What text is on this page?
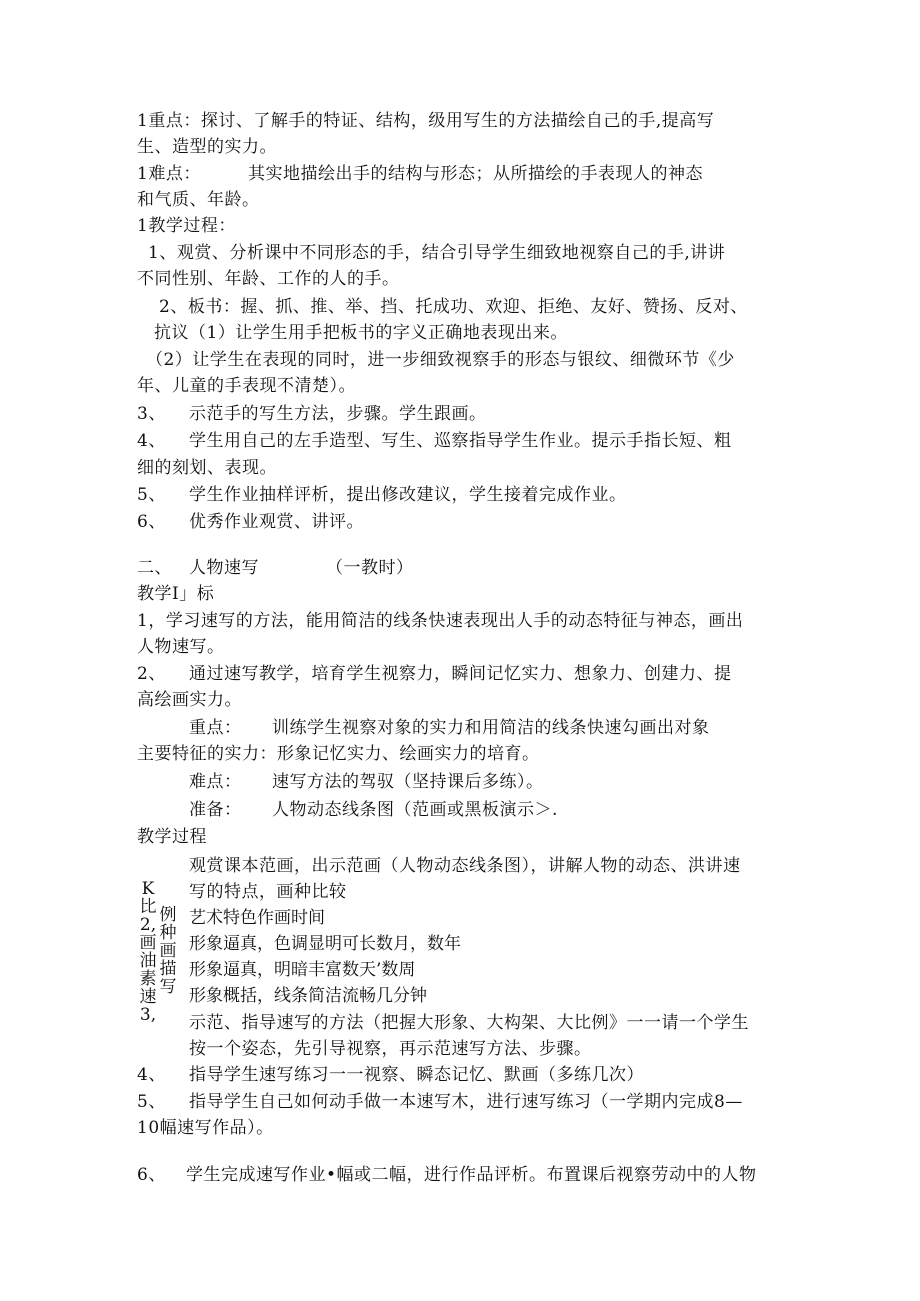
1重点：探讨、了解手的特证、结构，级用写生的方法描绘自己的手,提高写
生、造型的实力。
1难点：	其实地描绘出手的结构与形态；从所描绘的手表现人的神态
和气质、年龄。
1教学过程：
1、观赏、分析课中不同形态的手，结合引导学生细致地视察自己的手,讲讲
不同性别、年龄、工作的人的手。
2、板书：握、抓、推、举、挡、托成功、欢迎、拒绝、友好、赞扬、反对、
抗议（1）让学生用手把板书的字义正确地表现出来。
（2）让学生在表现的同时，进一步细致视察手的形态与银纹、细微环节《少
年、儿童的手表现不清楚）。
3、 示范手的写生方法，步骤。学生跟画。
4、 学生用自己的左手造型、写生、巡察指导学生作业。提示手指长短、粗
细的刻划、表现。
5、 学生作业抽样评析，提出修改建议，学生接着完成作业。
6、 优秀作业观赏、讲评。
二、 人物速写	（一教时）
教学I」标
1，学习速写的方法，能用简洁的线条快速表现出人手的动态特征与神态，画出
人物速写。
2、 通过速写教学，培育学生视察力，瞬间记忆实力、想象力、创建力、提
高绘画实力。
重点： 训练学生视察对象的实力和用简洁的线条快速勾画出对象
主要特征的实力：形象记忆实力、绘画实力的培育。
难点： 速写方法的驾驭（坚持课后多练）。
准备： 人物动态线条图（范画或黑板演示＞.
教学过程
观赏课本范画，出示范画（人物动态线条图），讲解人物的动态、洪讲速
写的特点，画种比较
K比2,画油素速3,
例种画描写
艺术特色作画时间
形象逼真，色调显明可长数月，数年
形象逼真，明暗丰富数天’数周
形象概括，线条简洁流畅几分钟
示范、指导速写的方法（把握大形象、大构架、大比例》一一请一个学生
按一个姿态，先引导视察，再示范速写方法、步骤。
4、 指导学生速写练习一一视察、瞬态记忆、默画（多练几次）
5、 指导学生自己如何动手做一本速写木，进行速写练习（一学期内完成8—
10幅速写作品）。
6、 学生完成速写作业•幅或二幅，进行作品评析。布置课后视察劳动中的人物
